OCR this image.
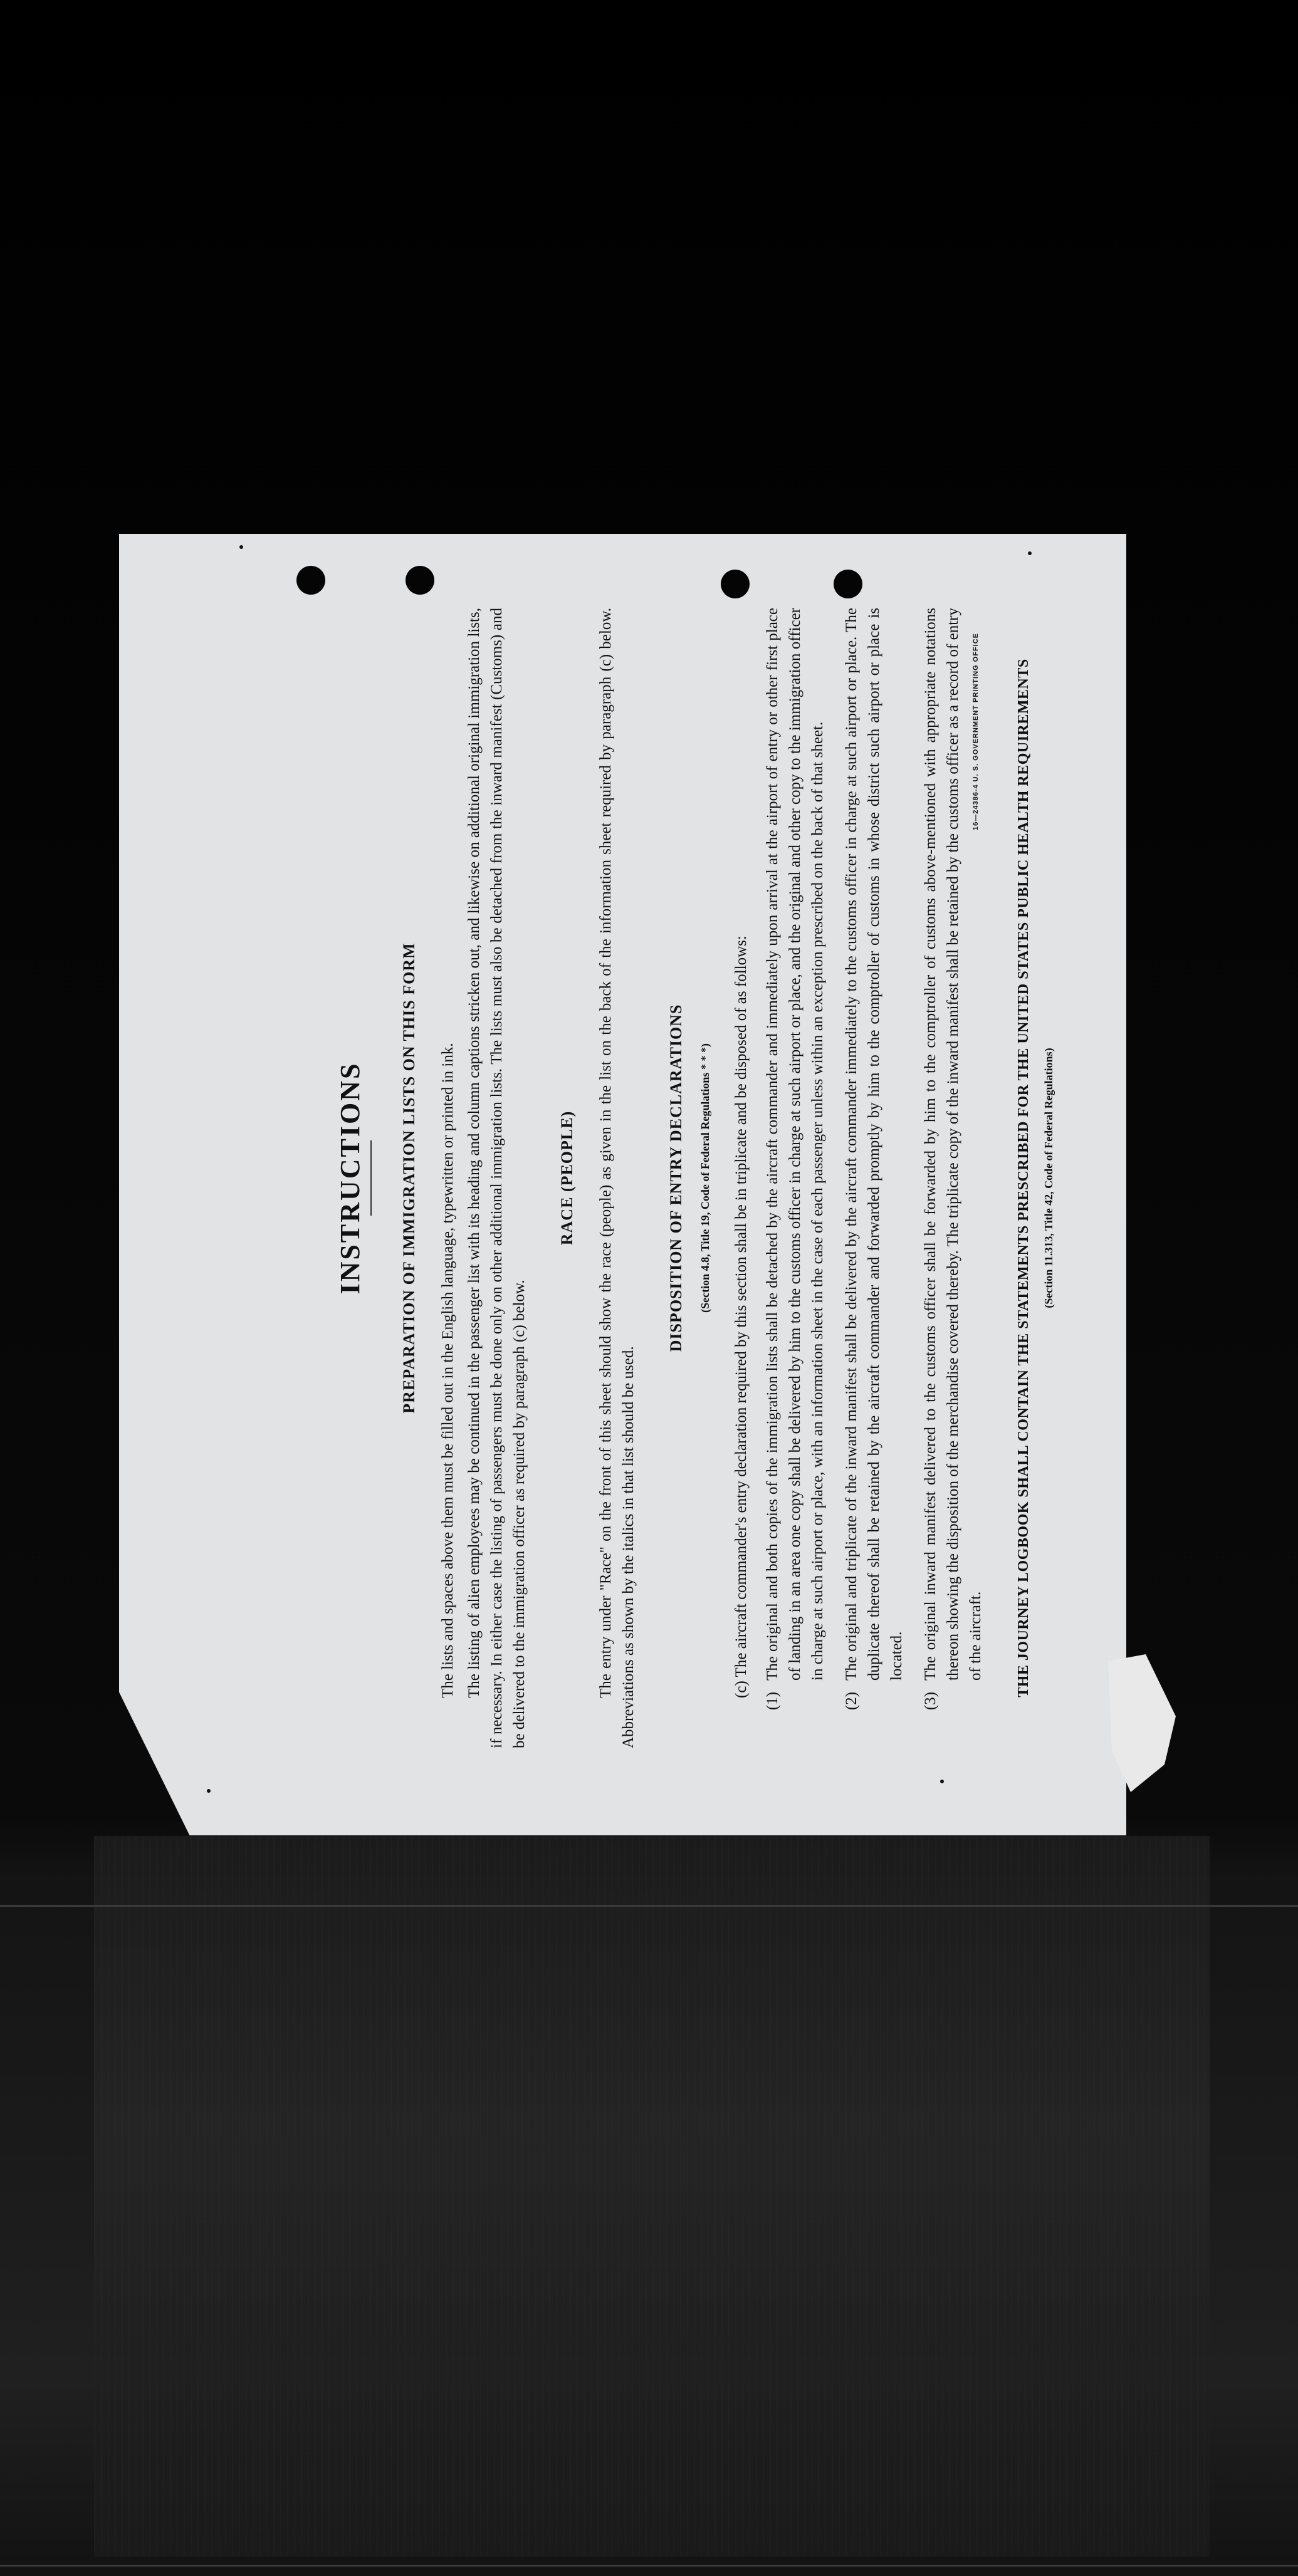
INSTRUCTIONS PREPARATION OF IMMIGRATION LISTS ON THIS FORM The lists and spaces above them must be filled out in the English language, typewritten or printed in ink. The listing of alien employees may be continued in the passenger list with its heading and column captions stricken out, and likewise on additional original immigration lists, if necessary. In either case the listing of passengers must be done only on other additional immigration lists. The lists must also be detached from the inward manifest (Customs) and be delivered to the immigration officer as required by paragraph (c) below.

RACE (PEOPLE) The entry under "Race" on the front of this sheet should show the race (people) as given in the list on the back of the information sheet required by paragraph (c) below. Abbreviations as shown by the italics in that list should be used.

DISPOSITION OF ENTRY DECLARATIONS	(Section 4.8, Title 19, Code of Federal Regulations * * *)	(c) The aircraft commander's entry declaration required by this section shall be in triplicate and be disposed of as follows:

(1)
The original and both copies of the immigration lists shall be detached by the aircraft commander and immediately upon arrival at the airport of entry or other first place of landing in an area one copy shall be delivered by him to the customs officer in charge at such airport or place, and the original and other copy to the immigration officer in charge at such airport or place, with an information sheet in the case of each passenger unless within an exception prescribed on the back of that sheet.
(2)
The original and triplicate of the inward manifest shall be delivered by the aircraft commander immediately to the customs officer in charge at such airport or place. The duplicate thereof shall be retained by the aircraft commander and forwarded promptly by him to the comptroller of customs in whose district such airport or place is located.
(3)
The original inward manifest delivered to the customs officer shall be forwarded by him to the comptroller of customs above-mentioned with appropriate notations thereon showing the disposition of the merchandise covered thereby. The triplicate copy of the inward manifest shall be retained by the customs officer as a record of entry of the aircraft. THE JOURNEY LOGBOOK SHALL CONTAIN THE STATEMENTS PRESCRIBED FOR THE UNITED STATES PUBLIC HEALTH REQUIREMENTS (Section 11.313, Title 42, Code of Federal Regulations)
16—24386-4 U. S. GOVERNMENT PRINTING OFFICE
